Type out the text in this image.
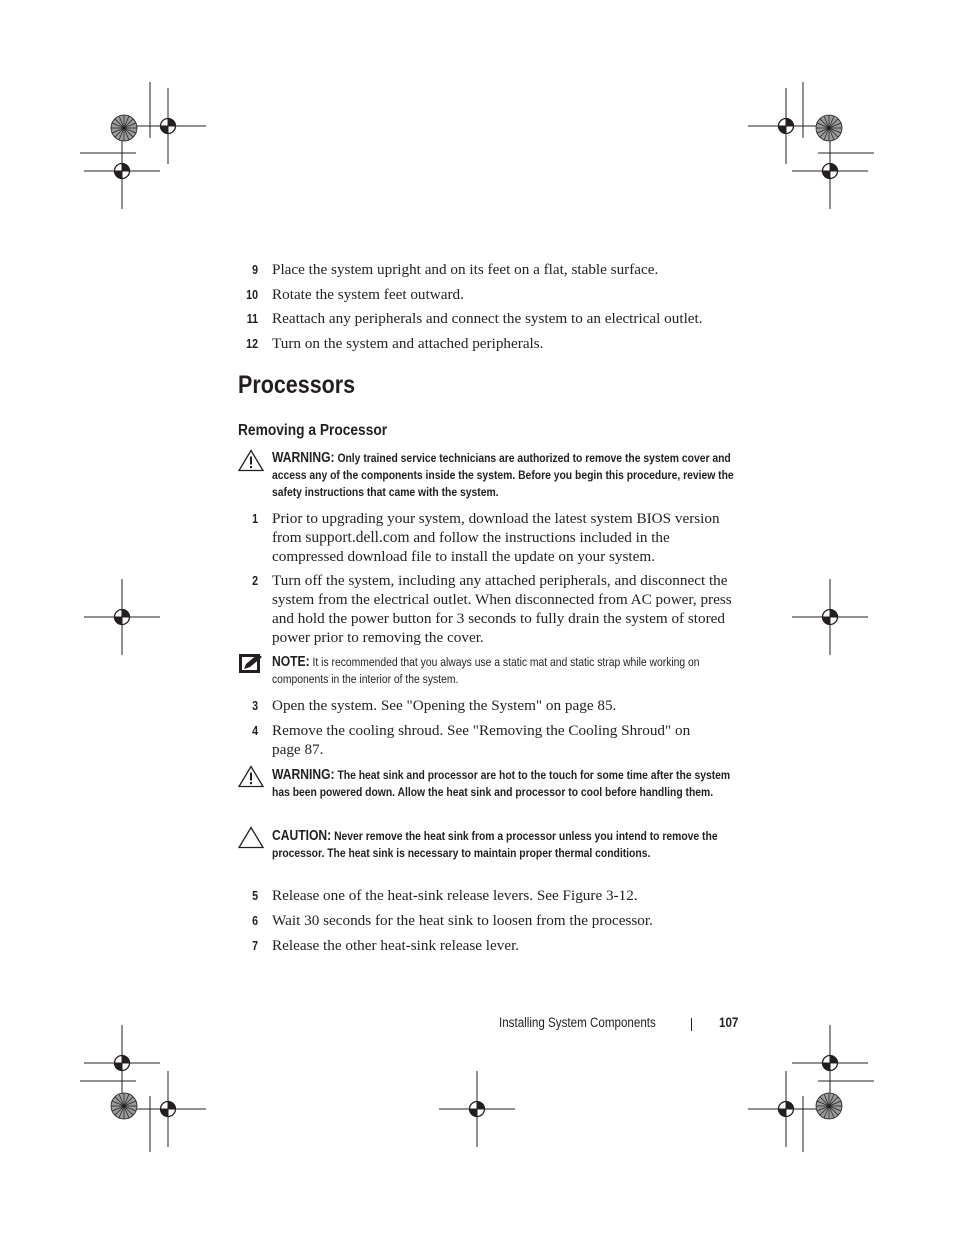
9 Place the system upright and on its feet on a flat, stable surface.
10 Rotate the system feet outward.
11 Reattach any peripherals and connect the system to an electrical outlet.
12 Turn on the system and attached peripherals.
Processors
Removing a Processor
WARNING: Only trained service technicians are authorized to remove the system cover and access any of the components inside the system. Before you begin this procedure, review the safety instructions that came with the system.
1 Prior to upgrading your system, download the latest system BIOS version from support.dell.com and follow the instructions included in the compressed download file to install the update on your system.
2 Turn off the system, including any attached peripherals, and disconnect the system from the electrical outlet. When disconnected from AC power, press and hold the power button for 3 seconds to fully drain the system of stored power prior to removing the cover.
NOTE: It is recommended that you always use a static mat and static strap while working on components in the interior of the system.
3 Open the system. See "Opening the System" on page 85.
4 Remove the cooling shroud. See "Removing the Cooling Shroud" on page 87.
WARNING: The heat sink and processor are hot to the touch for some time after the system has been powered down. Allow the heat sink and processor to cool before handling them.
CAUTION: Never remove the heat sink from a processor unless you intend to remove the processor. The heat sink is necessary to maintain proper thermal conditions.
5 Release one of the heat-sink release levers. See Figure 3-12.
6 Wait 30 seconds for the heat sink to loosen from the processor.
7 Release the other heat-sink release lever.
Installing System Components	107
